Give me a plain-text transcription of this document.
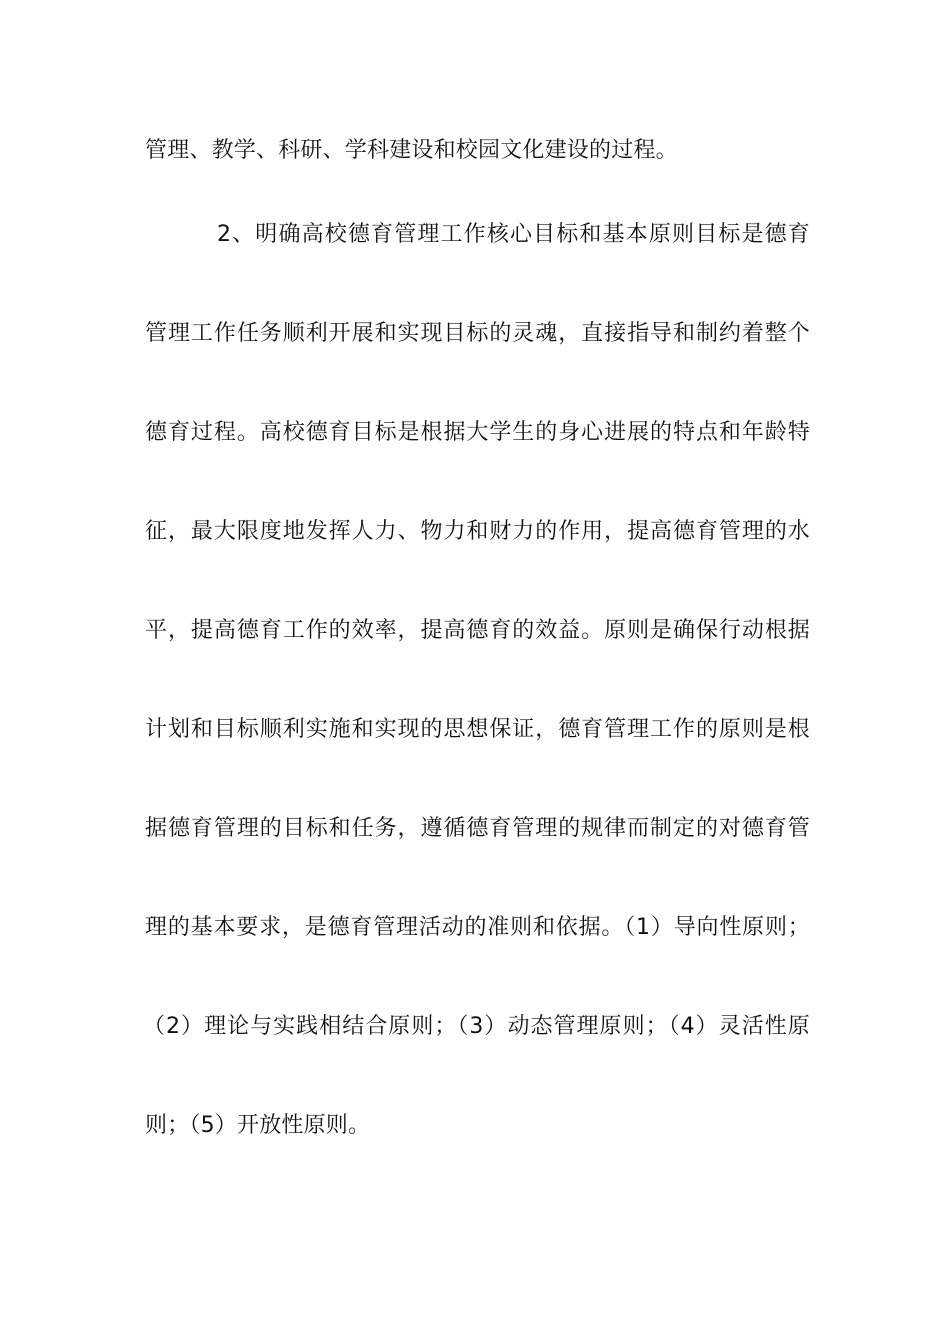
管理、教学、科研、学科建设和校园文化建设的过程。
2、明确高校德育管理工作核心目标和基本原则目标是德育
管理工作任务顺利开展和实现目标的灵魂，直接指导和制约着整个
德育过程。高校德育目标是根据大学生的身心进展的特点和年龄特
征，最大限度地发挥人力、物力和财力的作用，提高德育管理的水
平，提高德育工作的效率，提高德育的效益。原则是确保行动根据
计划和目标顺利实施和实现的思想保证，德育管理工作的原则是根
据德育管理的目标和任务，遵循德育管理的规律而制定的对德育管
理的基本要求，是德育管理活动的准则和依据。（1）导向性原则；
（2）理论与实践相结合原则；（3）动态管理原则；（4）灵活性原
则；（5）开放性原则。
